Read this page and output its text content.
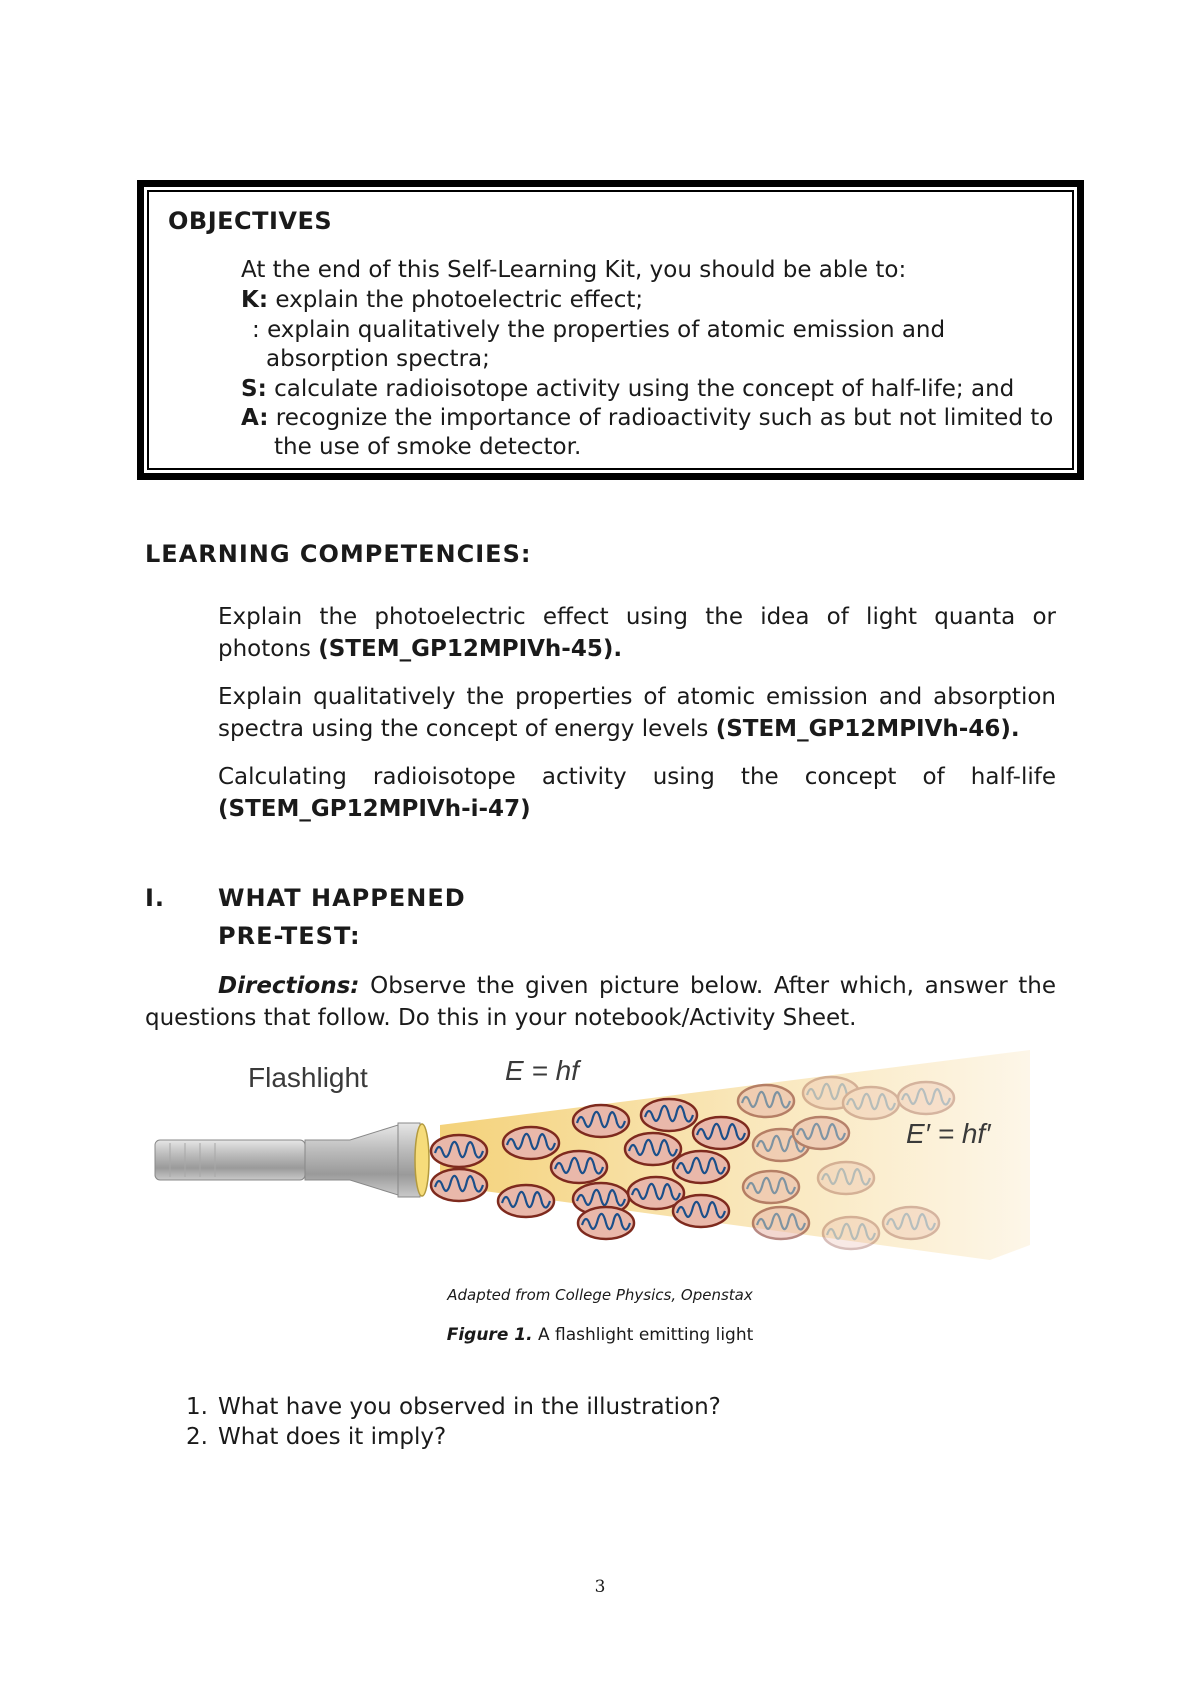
OBJECTIVES
At the end of this Self-Learning Kit, you should be able to:
K: explain the photoelectric effect;
: explain qualitatively the properties of atomic emission and
absorption spectra;
S: calculate radioisotope activity using the concept of half-life; and
A: recognize the importance of radioactivity such as but not limited to
the use of smoke detector.
LEARNING COMPETENCIES:
Explain the photoelectric effect using the idea of light quanta or photons (STEM_GP12MPIVh-45).
Explain qualitatively the properties of atomic emission and absorption spectra using the concept of energy levels (STEM_GP12MPIVh-46).
Calculating radioisotope activity using the concept of half-life (STEM_GP12MPIVh-i-47)
I. WHAT HAPPENED
PRE-TEST:
Directions: Observe the given picture below. After which, answer the questions that follow. Do this in your notebook/Activity Sheet.
Flashlight	E = hf
E′ = hf′
Adapted from College Physics, Openstax
Figure 1. A flashlight emitting light
1. What have you observed in the illustration?
2. What does it imply?
3
